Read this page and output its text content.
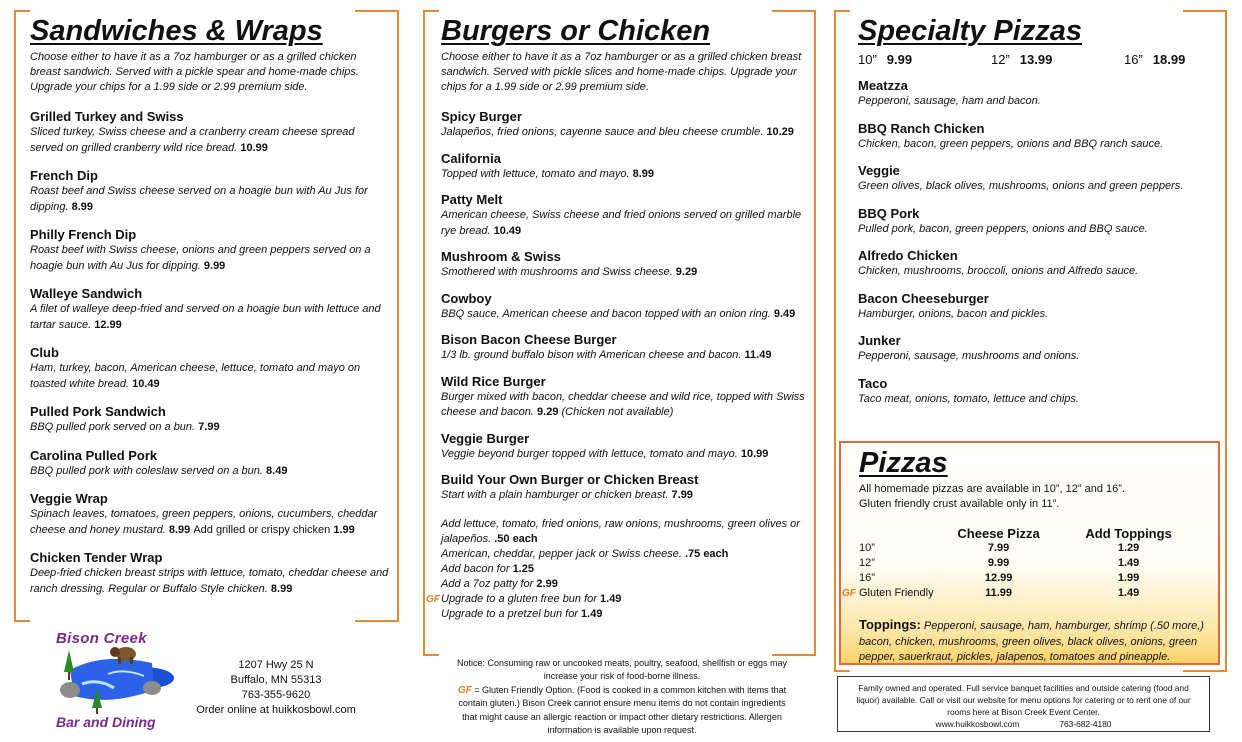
Sandwiches & Wraps
Choose either to have it as a 7oz hamburger or as a grilled chicken breast sandwich. Served with a pickle spear and home-made chips. Upgrade your chips for a 1.99 side or 2.99 premium side.
Grilled Turkey and Swiss
Sliced turkey, Swiss cheese and a cranberry cream cheese spread served on grilled cranberry wild rice bread. 10.99
French Dip
Roast beef and Swiss cheese served on a hoagie bun with Au Jus for dipping. 8.99
Philly French Dip
Roast beef with Swiss cheese, onions and green peppers served on a hoagie bun with Au Jus for dipping. 9.99
Walleye Sandwich
A filet of walleye deep-fried and served on a hoagie bun with lettuce and tartar sauce. 12.99
Club
Ham, turkey, bacon, American cheese, lettuce, tomato and mayo on toasted white bread. 10.49
Pulled Pork Sandwich
BBQ pulled pork served on a bun. 7.99
Carolina Pulled Pork
BBQ pulled pork with coleslaw served on a bun. 8.49
Veggie Wrap
Spinach leaves, tomatoes, green peppers, onions, cucumbers, cheddar cheese and honey mustard. 8.99 Add grilled or crispy chicken 1.99
Chicken Tender Wrap
Deep-fried chicken breast strips with lettuce, tomato, cheddar cheese and ranch dressing. Regular or Buffalo Style chicken. 8.99
Burgers or Chicken
Choose either to have it as a 7oz hamburger or as a grilled chicken breast sandwich. Served with pickle slices and home-made chips. Upgrade your chips for a 1.99 side or 2.99 premium side.
Spicy Burger
Jalapeños, fried onions, cayenne sauce and bleu cheese crumble. 10.29
California
Topped with lettuce, tomato and mayo. 8.99
Patty Melt
American cheese, Swiss cheese and fried onions served on grilled marble rye bread. 10.49
Mushroom & Swiss
Smothered with mushrooms and Swiss cheese. 9.29
Cowboy
BBQ sauce, American cheese and bacon topped with an onion ring. 9.49
Bison Bacon Cheese Burger
1/3 lb. ground buffalo bison with American cheese and bacon. 11.49
Wild Rice Burger
Burger mixed with bacon, cheddar cheese and wild rice, topped with Swiss cheese and bacon. 9.29 (Chicken not available)
Veggie Burger
Veggie beyond burger topped with lettuce, tomato and mayo. 10.99
Build Your Own Burger or Chicken Breast
Start with a plain hamburger or chicken breast. 7.99
Add lettuce, tomato, fried onions, raw onions, mushrooms, green olives or jalapeños. .50 each
American, cheddar, pepper jack or Swiss cheese. .75 each
Add bacon for 1.25
Add a 7oz patty for 2.99
GF Upgrade to a gluten free bun for 1.49
Upgrade to a pretzel bun for 1.49
Specialty Pizzas
10” 9.99	12” 13.99	16” 18.99
Meatzza
Pepperoni, sausage, ham and bacon.
BBQ Ranch Chicken
Chicken, bacon, green peppers, onions and BBQ ranch sauce.
Veggie
Green olives, black olives, mushrooms, onions and green peppers.
BBQ Pork
Pulled pork, bacon, green peppers, onions and BBQ sauce.
Alfredo Chicken
Chicken, mushrooms, broccoli, onions and Alfredo sauce.
Bacon Cheeseburger
Hamburger, onions, bacon and pickles.
Junker
Pepperoni, sausage, mushrooms and onions.
Taco
Taco meat, onions, tomato, lettuce and chips.
Pizzas
All homemade pizzas are available in 10”, 12” and 16”.
Gluten friendly crust available only in 11”.
	Cheese Pizza	Add Toppings
10”	7.99	1.29
12”	9.99	1.49
16”	12.99	1.99

GF Gluten Friendly	11.99	1.49
Toppings: Pepperoni, sausage, ham, hamburger, shrimp (.50 more,) bacon, chicken, mushrooms, green olives, black olives, onions, green pepper, sauerkraut, pickles, jalapenos, tomatoes and pineapple.
Bison Creek
Bar and Dining
1207 Hwy 25 N
Buffalo, MN 55313
763-355-9620
Order online at huikkosbowl.com
Notice: Consuming raw or uncooked meats, poultry, seafood, shellfish or eggs may increase your risk of food-borne illness.
GF = Gluten Friendly Option. (Food is cooked in a common kitchen with items that contain gluten.) Bison Creek cannot ensure menu items do not contain ingredients that might cause an allergic reaction or impact other dietary restrictions. Allergen information is available upon request.
Family owned and operated. Full service banquet facilities and outside catering (food and liquor) available. Call or visit our website for menu options for catering or to rent one of our rooms here at Bison Creek Event Center.
www.huikkosbowl.com	763-682-4180
